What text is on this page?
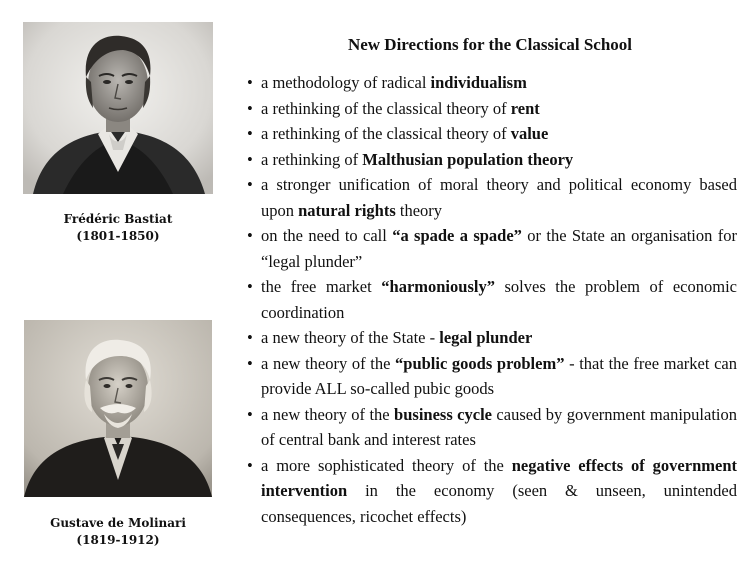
Frédéric Bastiat
(1801-1850)
Gustave de Molinari
(1819-1912)
New Directions for the Classical School
• a methodology of radical individualism
• a rethinking of the classical theory of rent
• a rethinking of the classical theory of value
• a rethinking of Malthusian population theory
• a stronger unification of moral theory and political economy based upon natural rights theory
• on the need to call “a spade a spade” or the State an organisation for “legal plunder”
• the free market “harmoniously” solves the problem of economic coordination
• a new theory of the State - legal plunder
• a new theory of the “public goods problem” - that the free market can provide ALL so-called pubic goods
• a new theory of the business cycle caused by government manipulation of central bank and interest rates
• a more sophisticated theory of the negative effects of government intervention in the economy (seen & unseen, unintended consequences, ricochet effects)
